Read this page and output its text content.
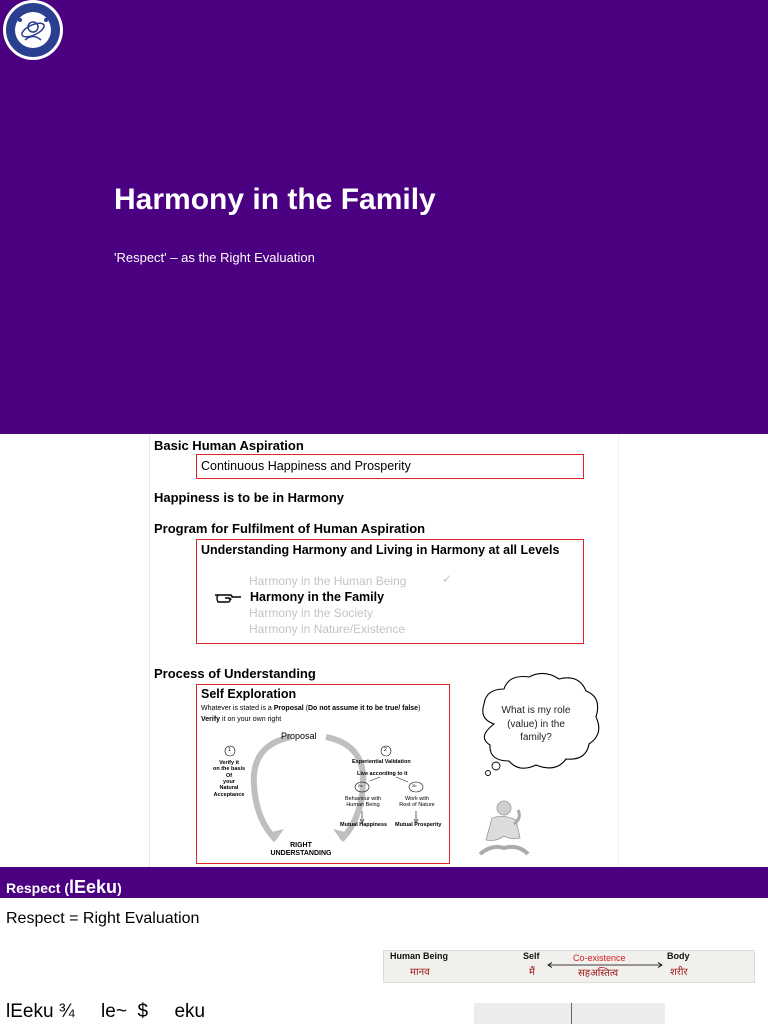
Harmony in the Family
'Respect' – as the Right Evaluation
Basic Human Aspiration
Continuous Happiness and Prosperity
Happiness is to be in Harmony
Program for Fulfilment of Human Aspiration
Understanding Harmony and Living in Harmony at all Levels
Harmony in the Human Being	✓
Harmony in the Family
Harmony in the Society
Harmony in Nature/Existence
Process of Understanding
Self Exploration
Whatever is stated is a Proposal (Do not assume it to be true/ false)
Verify it on your own right
Proposal
1
Verify it
on the basis
Of
your
Natural
Acceptance
2
Experiential Validation
Live according to it
2a	2b
Behaviour with
Human Being
Work with
Rest of Nature
Mutual Happiness Mutual Prosperity
RIGHT
UNDERSTANDING
What is my role (value) in the family?
Respect (lEeku)
Respect = Right Evaluation
Human Being
मानव
Self
मैं
Co-existence
सहअस्तित्व
Body
शरीर
lEeku ¾     le~  $     eku
